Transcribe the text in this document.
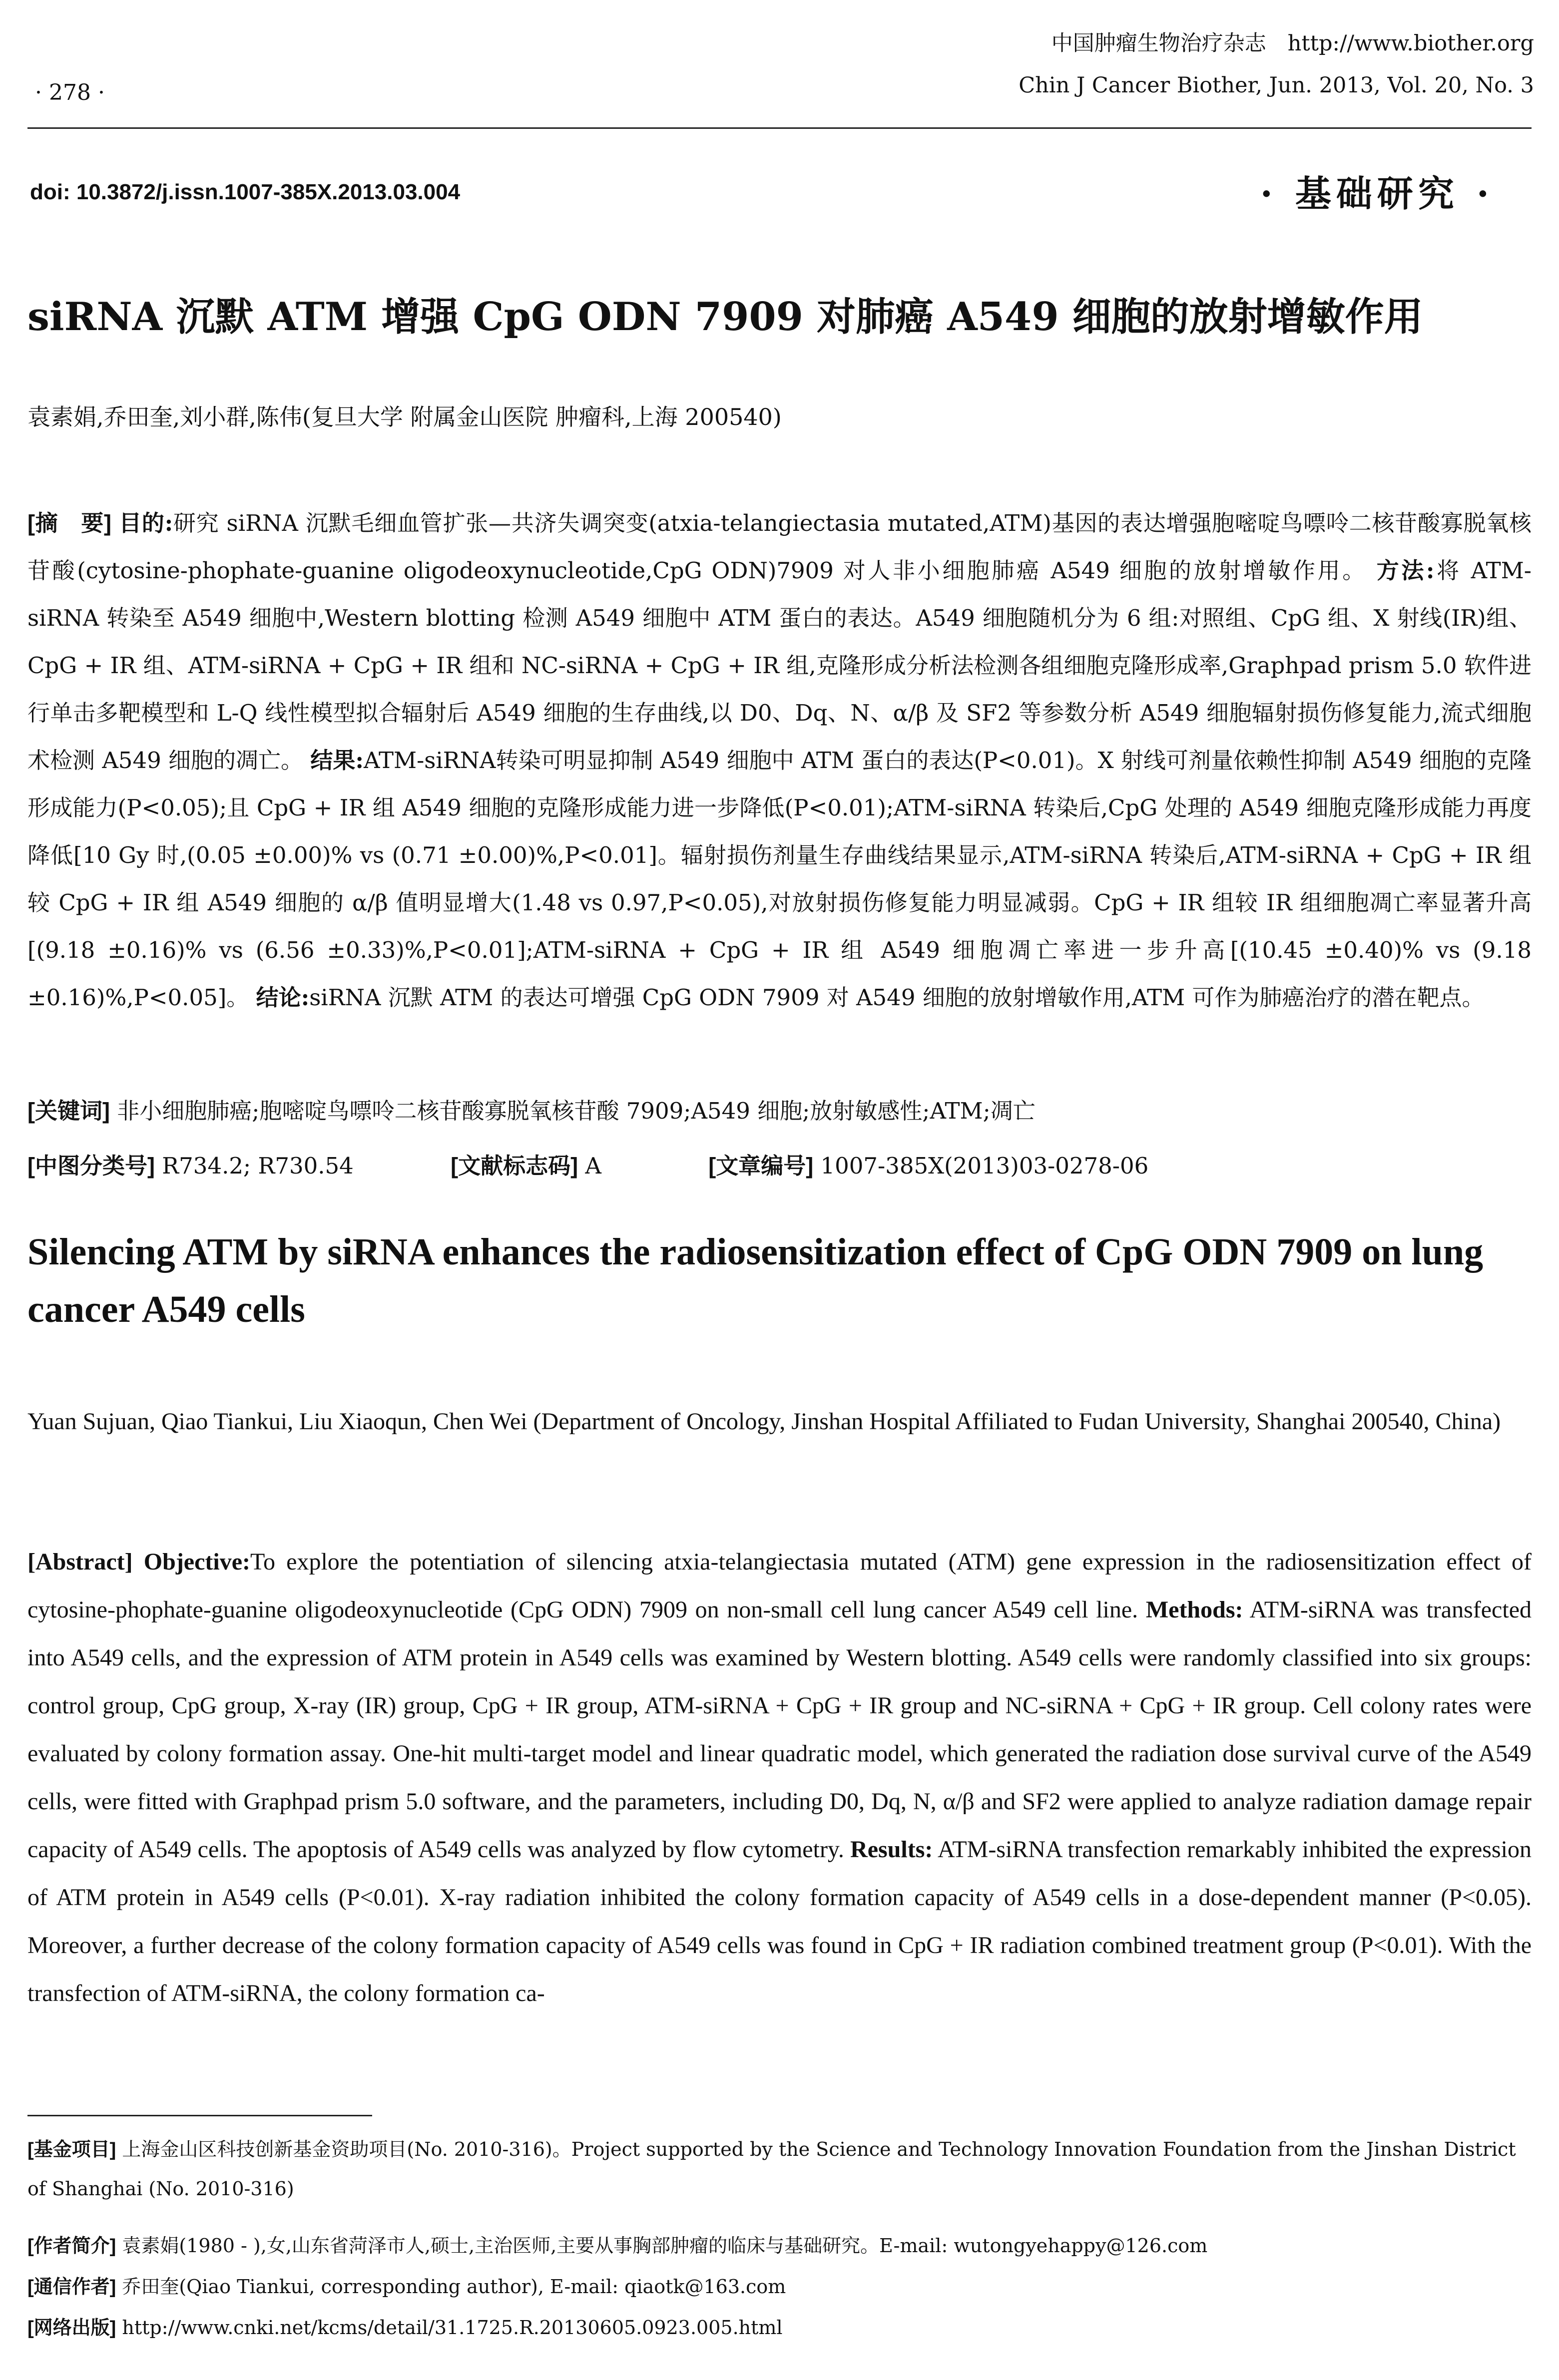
· 278 ·
中国肿瘤生物治疗杂志　http://www.biother.org
Chin J Cancer Biother, Jun. 2013, Vol. 20, No. 3
doi: 10.3872/j.issn.1007-385X.2013.03.004	· 基础研究 ·
siRNA 沉默 ATM 增强 CpG ODN 7909 对肺癌 A549 细胞的放射增敏作用
袁素娟,乔田奎,刘小群,陈伟(复旦大学 附属金山医院 肿瘤科,上海 200540)
[摘　要] 目的:研究 siRNA 沉默毛细血管扩张—共济失调突变(atxia-telangiectasia mutated,ATM)基因的表达增强胞嘧啶鸟嘌呤二核苷酸寡脱氧核苷酸(cytosine-phophate-guanine oligodeoxynucleotide,CpG ODN)7909 对人非小细胞肺癌 A549 细胞的放射增敏作用。 方法:将 ATM-siRNA 转染至 A549 细胞中,Western blotting 检测 A549 细胞中 ATM 蛋白的表达。A549 细胞随机分为 6 组:对照组、CpG 组、X 射线(IR)组、CpG + IR 组、ATM-siRNA + CpG + IR 组和 NC-siRNA + CpG + IR 组,克隆形成分析法检测各组细胞克隆形成率,Graphpad prism 5.0 软件进行单击多靶模型和 L-Q 线性模型拟合辐射后 A549 细胞的生存曲线,以 D0、Dq、N、α/β 及 SF2 等参数分析 A549 细胞辐射损伤修复能力,流式细胞术检测 A549 细胞的凋亡。 结果:ATM-siRNA转染可明显抑制 A549 细胞中 ATM 蛋白的表达(P<0.01)。X 射线可剂量依赖性抑制 A549 细胞的克隆形成能力(P<0.05);且 CpG + IR 组 A549 细胞的克隆形成能力进一步降低(P<0.01);ATM-siRNA 转染后,CpG 处理的 A549 细胞克隆形成能力再度降低[10 Gy 时,(0.05 ±0.00)% vs (0.71 ±0.00)%,P<0.01]。辐射损伤剂量生存曲线结果显示,ATM-siRNA 转染后,ATM-siRNA + CpG + IR 组较 CpG + IR 组 A549 细胞的 α/β 值明显增大(1.48 vs 0.97,P<0.05),对放射损伤修复能力明显减弱。CpG + IR 组较 IR 组细胞凋亡率显著升高[(9.18 ±0.16)% vs (6.56 ±0.33)%,P<0.01];ATM-siRNA + CpG + IR 组 A549 细胞凋亡率进一步升高[(10.45 ±0.40)% vs (9.18 ±0.16)%,P<0.05]。 结论:siRNA 沉默 ATM 的表达可增强 CpG ODN 7909 对 A549 细胞的放射增敏作用,ATM 可作为肺癌治疗的潜在靶点。
[关键词] 非小细胞肺癌;胞嘧啶鸟嘌呤二核苷酸寡脱氧核苷酸 7909;A549 细胞;放射敏感性;ATM;凋亡
[中图分类号] R734.2; R730.54	[文献标志码] A	[文章编号] 1007-385X(2013)03-0278-06
Silencing ATM by siRNA enhances the radiosensitization effect of CpG ODN 7909 on lung cancer A549 cells
Yuan Sujuan, Qiao Tiankui, Liu Xiaoqun, Chen Wei (Department of Oncology, Jinshan Hospital Affiliated to Fudan University, Shanghai 200540, China)
[Abstract] Objective:To explore the potentiation of silencing atxia-telangiectasia mutated (ATM) gene expression in the radiosensitization effect of cytosine-phophate-guanine oligodeoxynucleotide (CpG ODN) 7909 on non-small cell lung cancer A549 cell line. Methods: ATM-siRNA was transfected into A549 cells, and the expression of ATM protein in A549 cells was examined by Western blotting. A549 cells were randomly classified into six groups: control group, CpG group, X-ray (IR) group, CpG + IR group, ATM-siRNA + CpG + IR group and NC-siRNA + CpG + IR group. Cell colony rates were evaluated by colony formation assay. One-hit multi-target model and linear quadratic model, which generated the radiation dose survival curve of the A549 cells, were fitted with Graphpad prism 5.0 software, and the parameters, including D0, Dq, N, α/β and SF2 were applied to analyze radiation damage repair capacity of A549 cells. The apoptosis of A549 cells was analyzed by flow cytometry. Results: ATM-siRNA transfection remarkably inhibited the expression of ATM protein in A549 cells (P<0.01). X-ray radiation inhibited the colony formation capacity of A549 cells in a dose-dependent manner (P<0.05). Moreover, a further decrease of the colony formation capacity of A549 cells was found in CpG + IR radiation combined treatment group (P<0.01). With the transfection of ATM-siRNA, the colony formation ca-
[基金项目] 上海金山区科技创新基金资助项目(No. 2010-316)。Project supported by the Science and Technology Innovation Foundation from the Jinshan District of Shanghai (No. 2010-316)
[作者简介] 袁素娟(1980 - ),女,山东省菏泽市人,硕士,主治医师,主要从事胸部肿瘤的临床与基础研究。E-mail: wutongyehappy@126.com
[通信作者] 乔田奎(Qiao Tiankui, corresponding author), E-mail: qiaotk@163.com
[网络出版] http://www.cnki.net/kcms/detail/31.1725.R.20130605.0923.005.html
